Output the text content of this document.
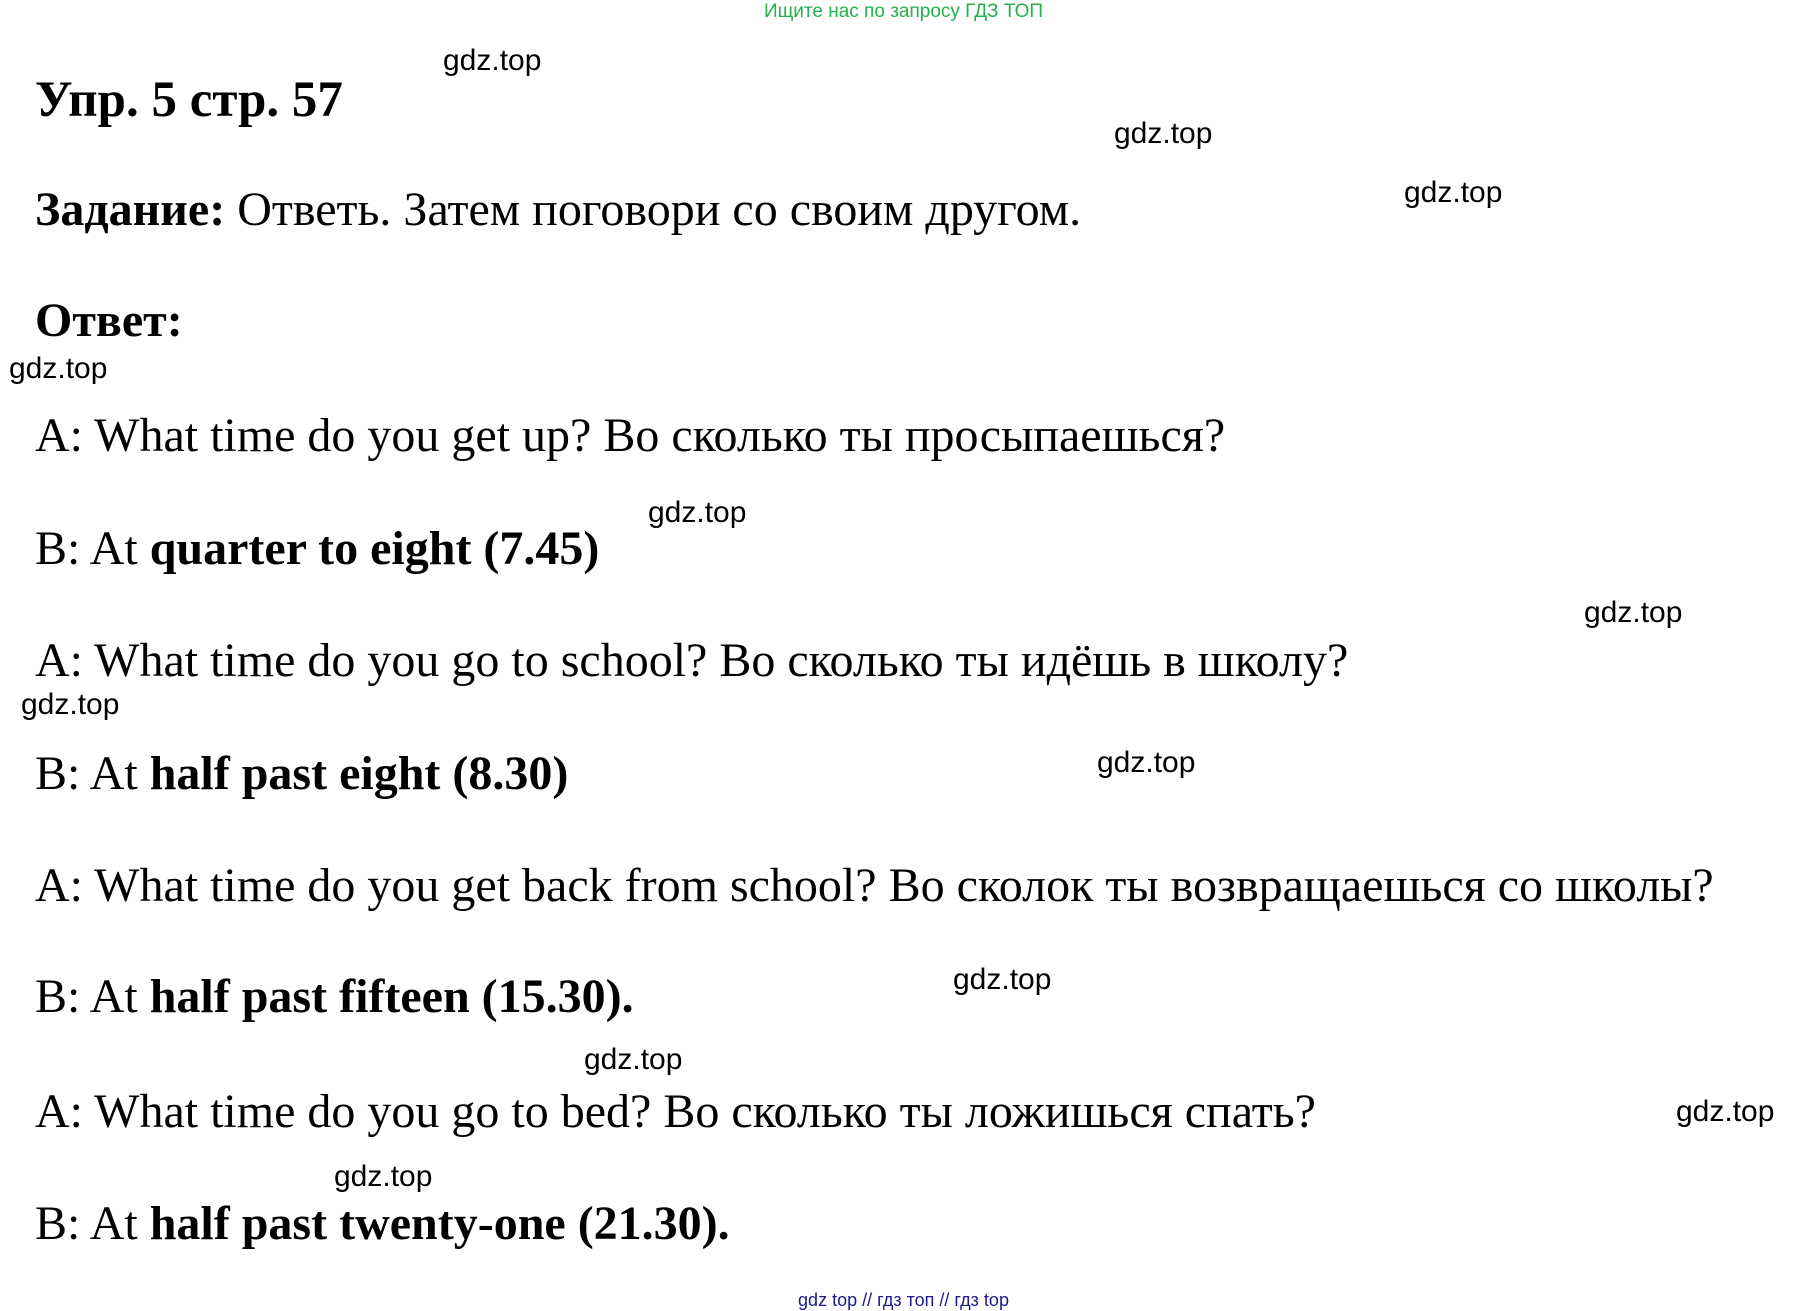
Ищите нас по запросу ГДЗ ТОП
Упр. 5 стр. 57
Задание: Ответь. Затем поговори со своим другом.
Ответ:
A: What time do you get up? Во сколько ты просыпаешься?
B: At quarter to eight (7.45)
A: What time do you go to school? Во сколько ты идёшь в школу?
B: At half past eight (8.30)
A: What time do you get back from school? Во сколок ты возвращаешься со школы?
B: At half past fifteen (15.30).
A: What time do you go to bed? Во сколько ты ложишься спать?
B: At half past twenty-one (21.30).
gdz.top
gdz.top
gdz.top
gdz.top
gdz.top
gdz.top
gdz.top
gdz.top
gdz.top
gdz.top
gdz.top
gdz.top
gdz top // гдз топ // гдз top
